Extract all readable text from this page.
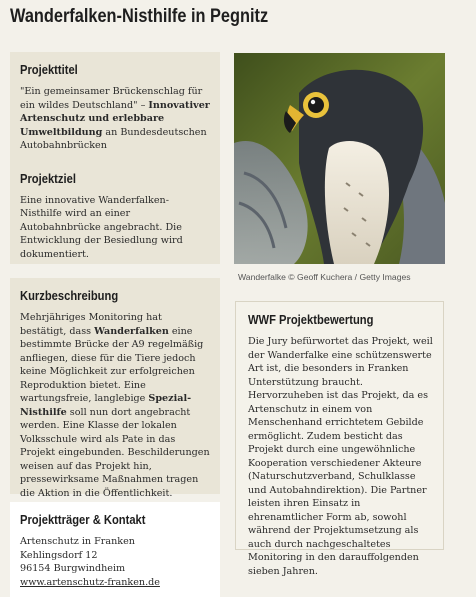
Wanderfalken-Nisthilfe in Pegnitz
Projekttitel
"Ein gemeinsamer Brückenschlag für ein wildes Deutschland" – Innovativer Artenschutz und erlebbare Umweltbildung an Bundesdeutschen Autobahnbrücken
Projektziel
Eine innovative Wanderfalken-Nisthilfe wird an einer Autobahnbrücke angebracht. Die Entwicklung der Besiedlung wird dokumentiert.
Kurzbeschreibung
Mehrjähriges Monitoring hat bestätigt, dass Wanderfalken eine bestimmte Brücke der A9 regelmäßig anfliegen, diese für die Tiere jedoch keine Möglichkeit zur erfolgreichen Reproduktion bietet. Eine wartungsfreie, langlebige Spezial-Nisthilfe soll nun dort angebracht werden. Eine Klasse der lokalen Volksschule wird als Pate in das Projekt eingebunden. Beschilderungen weisen auf das Projekt hin, pressewirksame Maßnahmen tragen die Aktion in die Öffentlichkeit.
Projektträger & Kontakt
Artenschutz in Franken
Kehlingsdorf 12
96154 Burgwindheim
www.artenschutz-franken.de
Wanderfalke © Geoff Kuchera / Getty Images
WWF Projektbewertung
Die Jury befürwortet das Projekt, weil der Wanderfalke eine schützenswerte Art ist, die besonders in Franken Unterstützung braucht. Hervorzuheben ist das Projekt, da es Artenschutz in einem von Menschenhand errichtetem Gebilde ermöglicht. Zudem besticht das Projekt durch eine ungewöhnliche Kooperation verschiedener Akteure (Naturschutzverband, Schulklasse und Autobahndirektion). Die Partner leisten ihren Einsatz in ehrenamtlicher Form ab, sowohl während der Projektumsetzung als auch durch nachgeschaltetes Monitoring in den darauffolgenden sieben Jahren.
